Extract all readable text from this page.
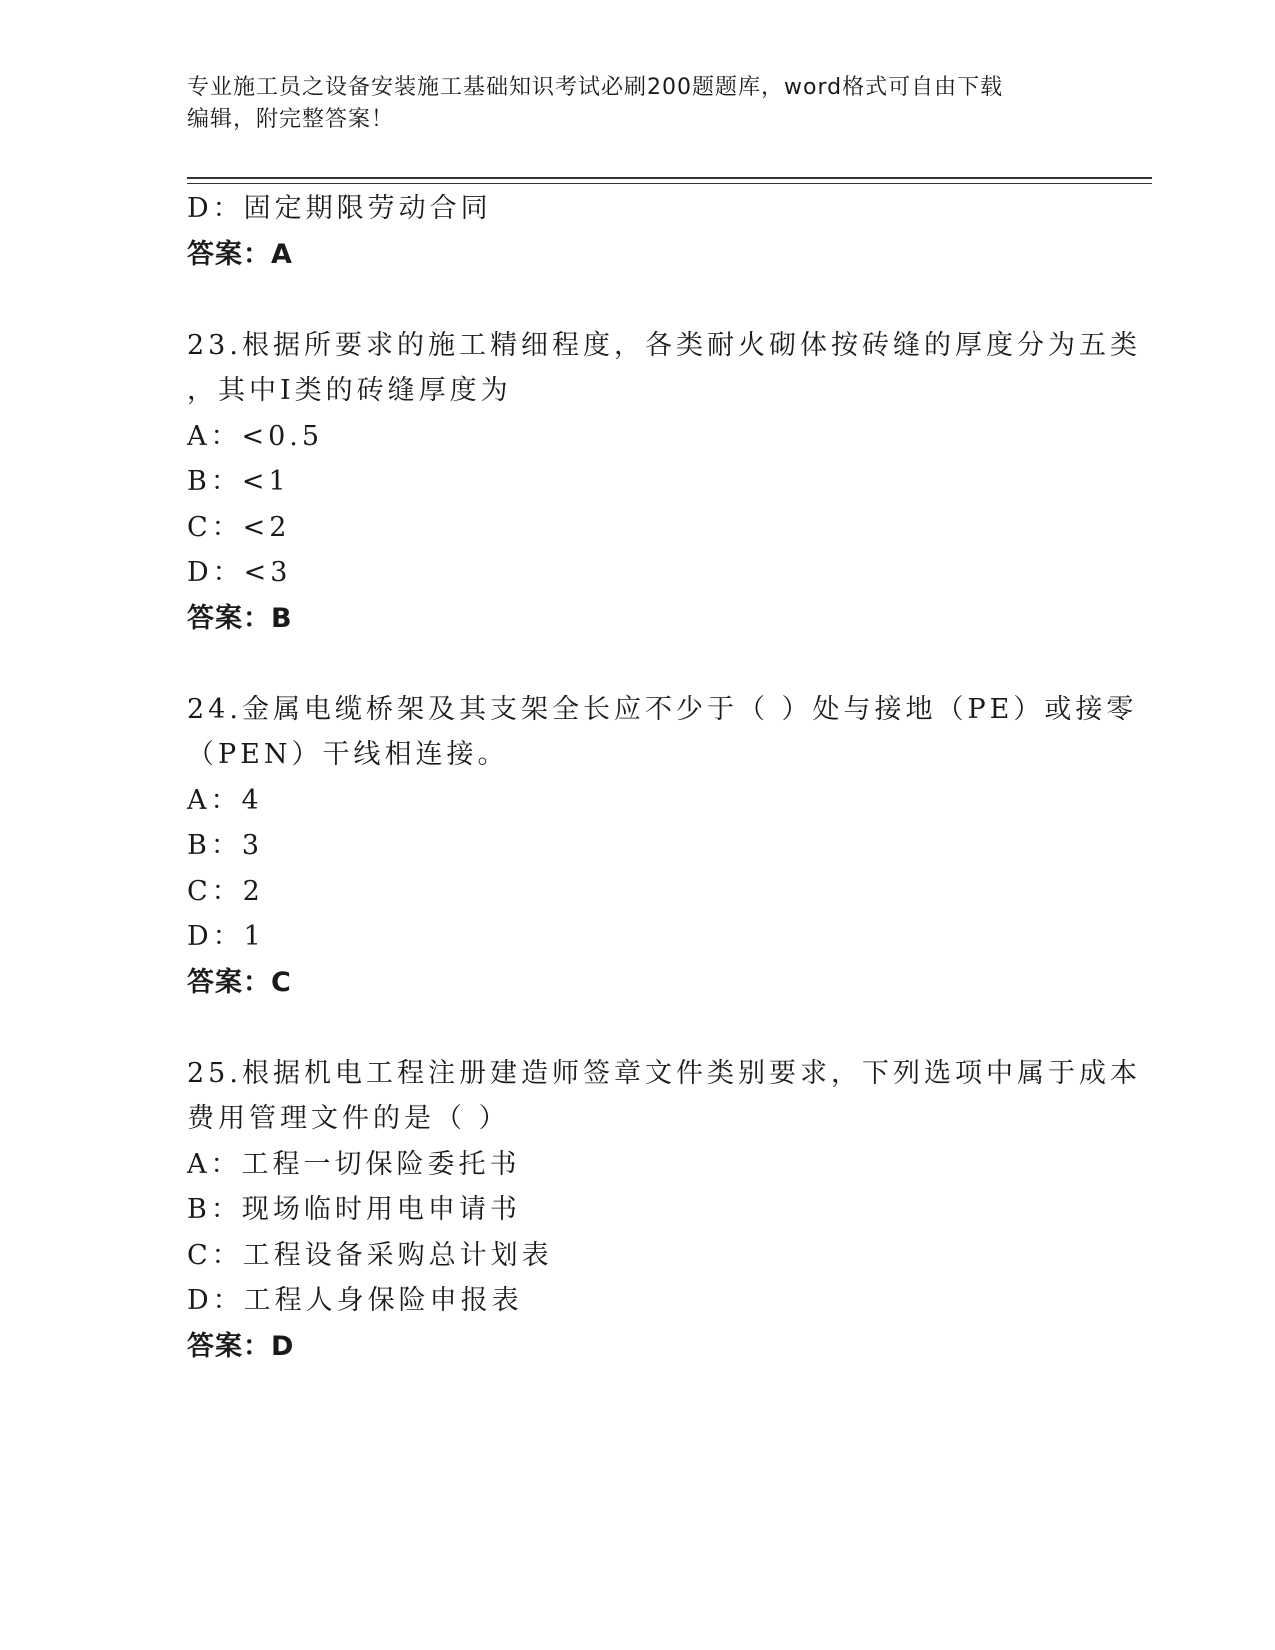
专业施工员之设备安装施工基础知识考试必刷200题题库，word格式可自由下载
编辑，附完整答案！
D：固定期限劳动合同
答案：A
23.根据所要求的施工精细程度，各类耐火砌体按砖缝的厚度分为五类
，其中Ⅰ类的砖缝厚度为
A：<0.5
B：<1
C：<2
D：<3
答案：B
24.金属电缆桥架及其支架全长应不少于（ ）处与接地（PE）或接零
（PEN）干线相连接。
A：4
B：3
C：2
D：1
答案：C
25.根据机电工程注册建造师签章文件类别要求，下列选项中属于成本
费用管理文件的是（ ）
A：工程一切保险委托书
B：现场临时用电申请书
C：工程设备采购总计划表
D：工程人身保险申报表
答案：D
